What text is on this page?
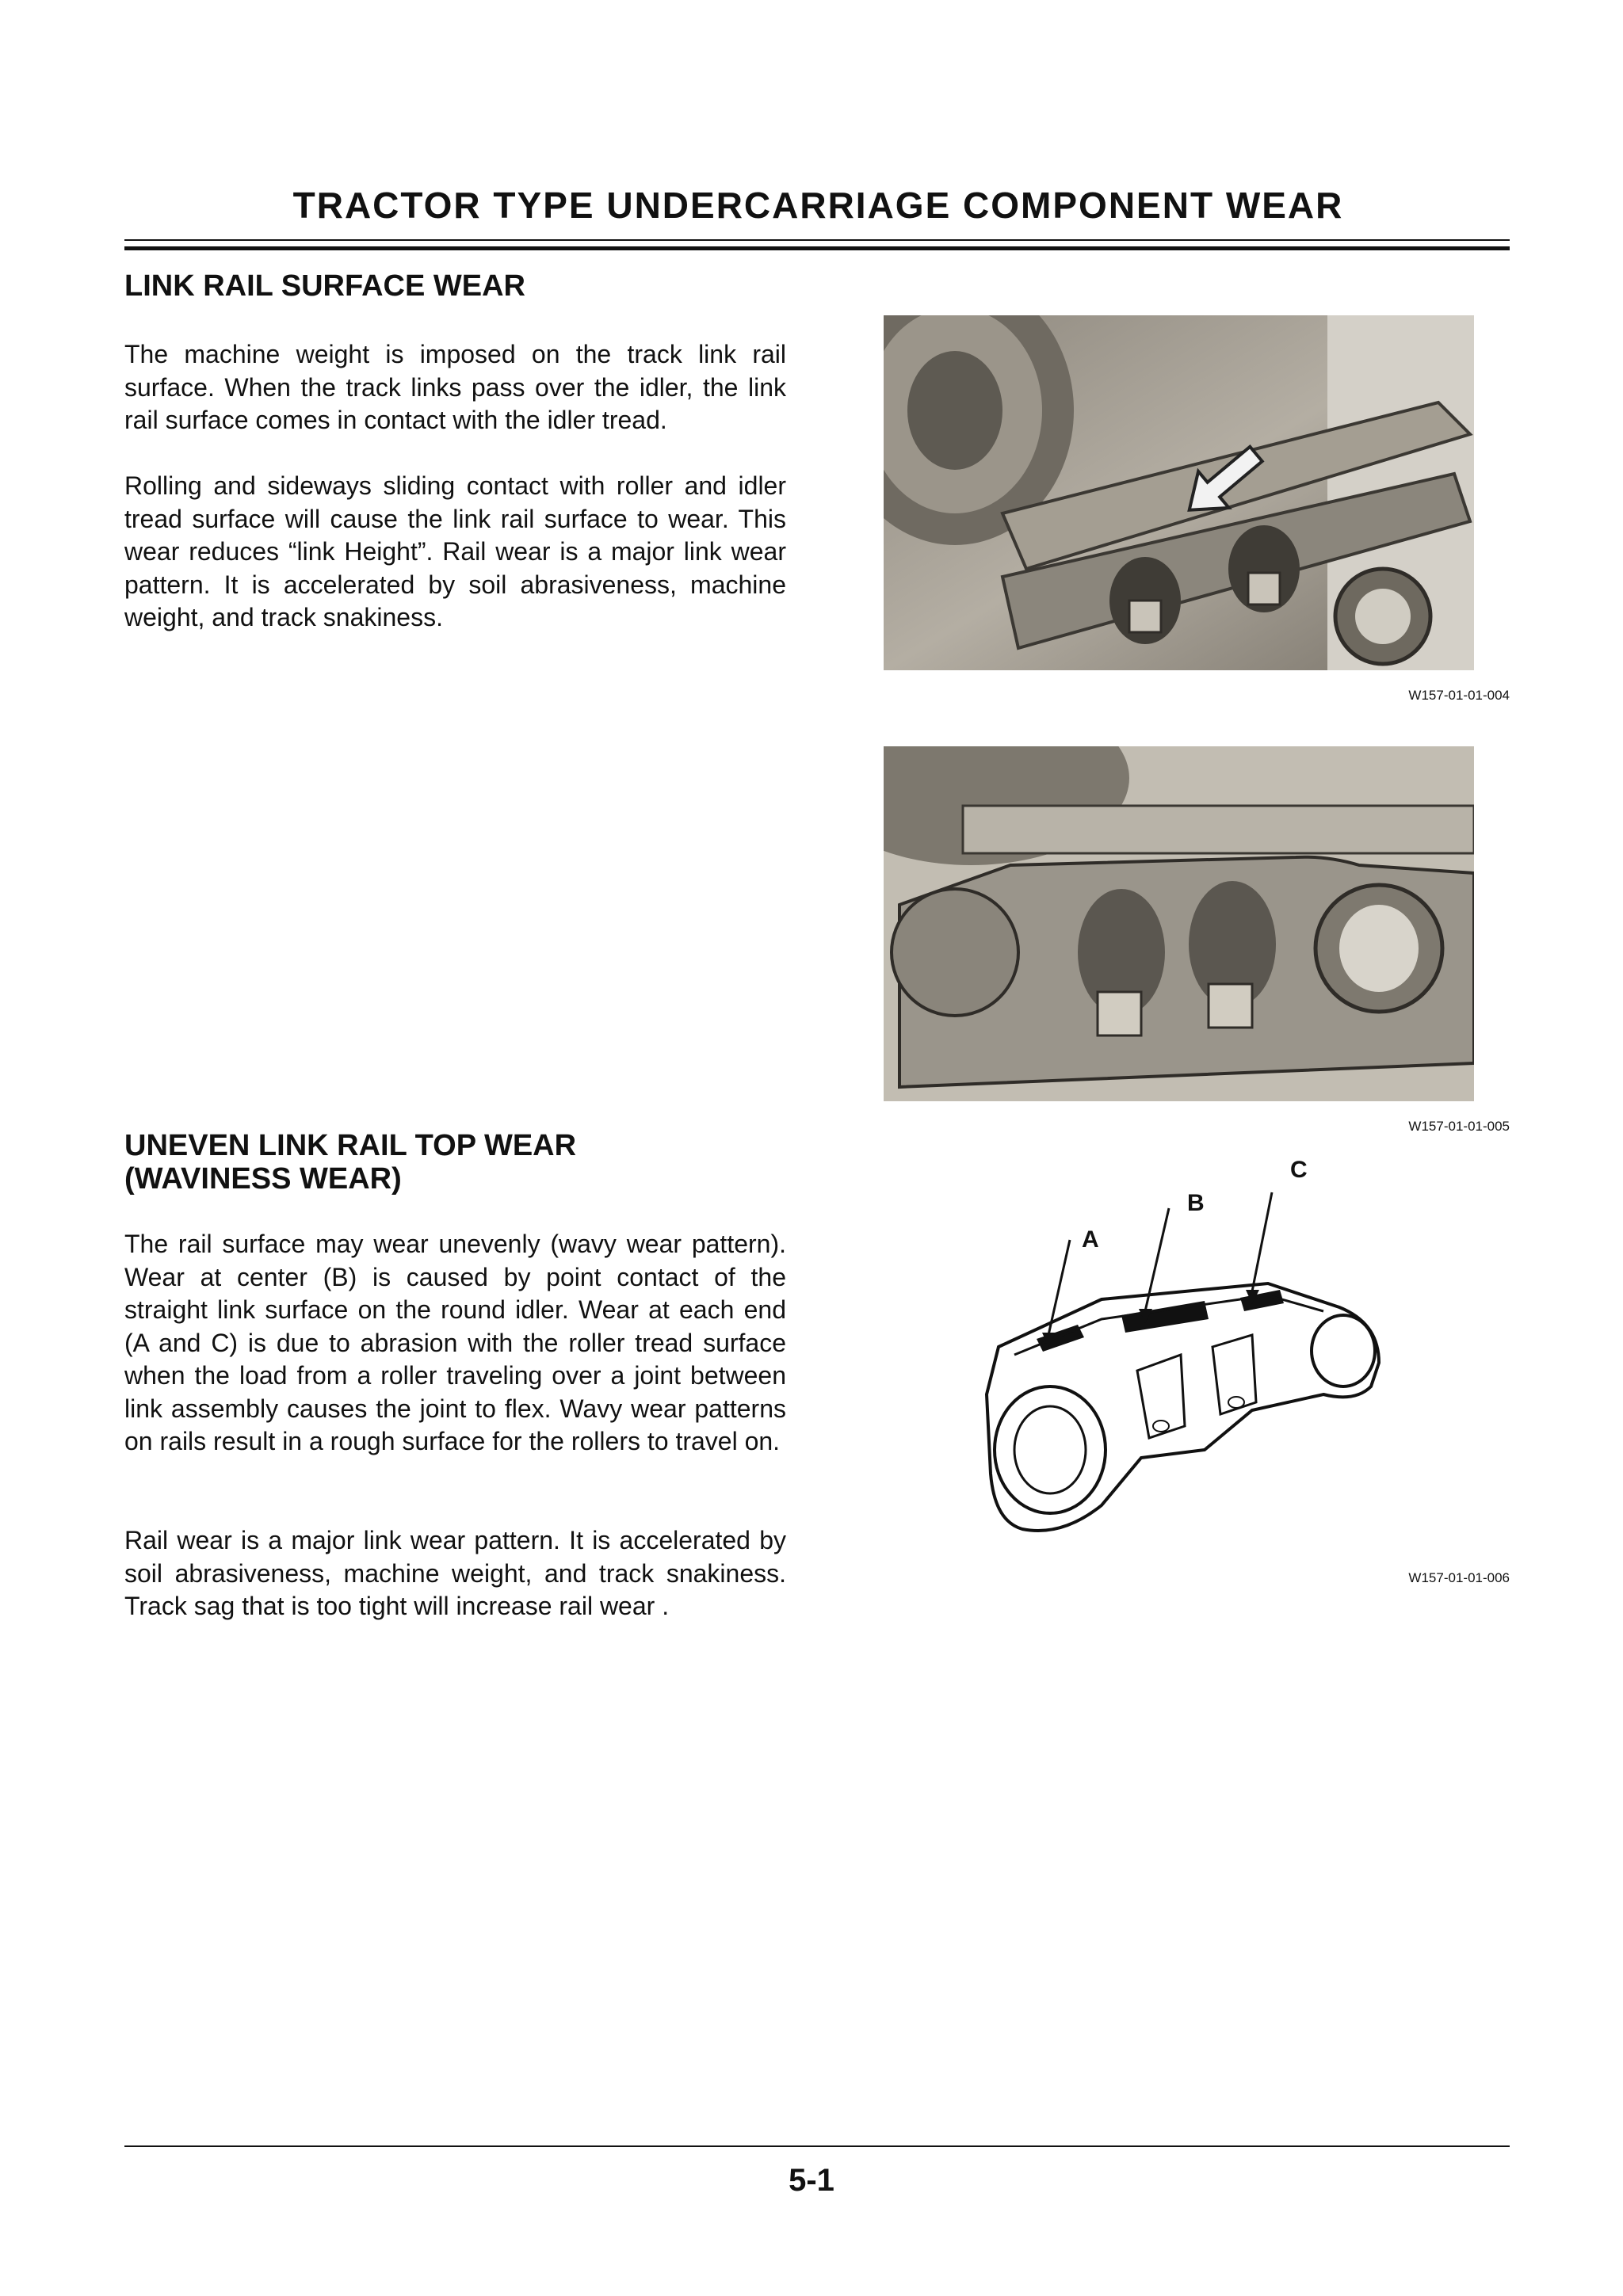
TRACTOR TYPE UNDERCARRIAGE COMPONENT WEAR
LINK RAIL SURFACE WEAR

The machine weight is imposed on the track link rail surface. When the track links pass over the idler, the link rail surface comes in contact with the idler tread.

Rolling and sideways sliding contact with roller and idler tread surface will cause the link rail surface to wear. This wear reduces “link Height”. Rail wear is a major link wear pattern. It is accelerated by soil abrasiveness, machine weight, and track snakiness.

W157-01-01-004

W157-01-01-005

UNEVEN LINK RAIL TOP WEAR
(WAVINESS WEAR)

The rail surface may wear unevenly (wavy wear pattern). Wear at center (B) is caused by point contact of the straight link surface on the round idler. Wear at each end (A and C) is due to abrasion with the roller tread surface when the load from a roller traveling over a joint between link assembly causes the joint to flex. Wavy wear patterns on rails result in a rough surface for the rollers to travel on.

Rail wear is a major link wear pattern. It is accelerated by soil abrasiveness, machine weight, and track snakiness. Track sag that is too tight will increase rail wear .

A
B
C

W157-01-01-006

5-1
